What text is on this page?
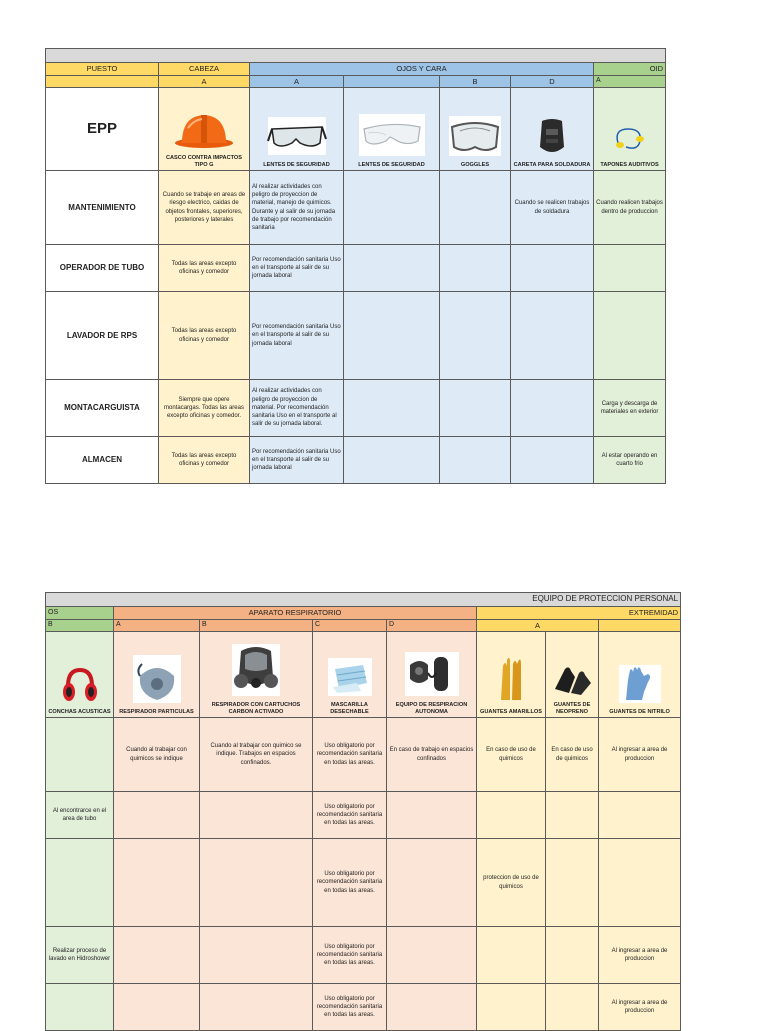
PUESTO	CABEZA	OJOS Y CARA				OID
	A	A		B	D	A
EPP	CASCO CONTRA IMPACTOS TIPO G	LENTES DE SEGURIDAD	LENTES DE SEGURIDAD	GOGGLES	CARETA PARA SOLDADURA	TAPONES AUDITIVOS
MANTENIMIENTO	Cuando se trabaje en areas de riesgo electrico, caidas de objetos frontales, superiores, posteriores y laterales	Al realizar actividades con peligro de proyeccion de material, manejo de quimicos. Durante y al salir de su jornada de trabajo por recomendación sanitaria			Cuando se realicen trabajos de soldadura	Cuando realicen trabajos dentro de produccion
OPERADOR DE TUBO	Todas las areas excepto oficinas y comedor	Por recomendación sanitaria Uso en el transporte al salir de su jornada laboral				
LAVADOR DE RPS	Todas las areas excepto oficinas y comedor	Por recomendación sanitaria Uso en el transporte al salir de su jornada laboral				
MONTACARGUISTA	Siempre que opere montacargas. Todas las areas excepto oficinas y comedor.	Al realizar actividades con peligro de proyeccion de material. Por recomendación sanitaria Uso en el transporte al salir de su jornada laboral.				Carga y descarga de materiales en exterior
ALMACEN	Todas las areas excepto oficinas y comedor	Por recomendación sanitaria Uso en el transporte al salir de su jornada laboral				Al estar operando en cuarto frio
EQUIPO DE PROTECCION PERSONAL							
OS	APARATO RESPIRATORIO				EXTREMIDAD		
B	A	B	C	D	A		

CONCHAS ACUSTICAS	RESPIRADOR PARTICULAS	RESPIRADOR CON CARTUCHOS CARBON ACTIVADO	MASCARILLA DESECHABLE	EQUIPO DE RESPIRACION AUTONOMA	GUANTES AMARILLOS	GUANTES DE NEOPRENO	GUANTES DE NITRILO
	Cuando al trabajar con quimicos se indique	Cuando al trabajar con quimico se indique. Trabajos en espacios confinados.	Uso obligatorio por recomendación sanitaria en todas las areas.	En caso de trabajo en espacios confinados	En caso de uso de quimicos	En caso de uso de quimicos	Al ingresar a area de produccion
Al encontrarce en el area de tubo			Uso obligatorio por recomendación sanitaria en todas las areas.				
			Uso obligatorio por recomendación sanitaria en todas las areas.		proteccion de uso de quimicos		
Realizar proceso de lavado en Hidroshower			Uso obligatorio por recomendación sanitaria en todas las areas.				Al ingresar a area de produccion
			Uso obligatorio por recomendación sanitaria en todas las areas.				Al ingresar a area de produccion
